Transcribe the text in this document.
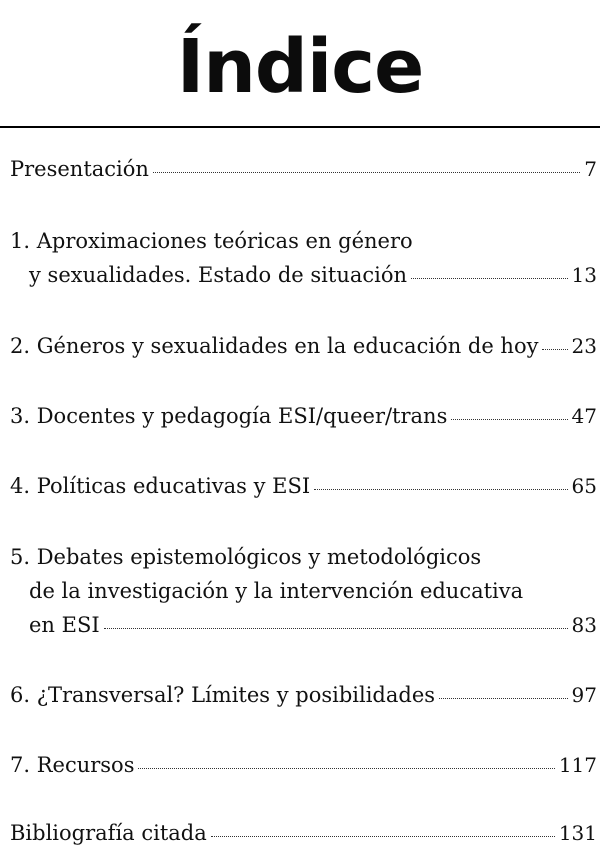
Índice
Presentación	7
1. Aproximaciones teóricas en género
y sexualidades. Estado de situación	13
2. Géneros y sexualidades en la educación de hoy 23
3. Docentes y pedagogía ESI/queer/trans	47
4. Políticas educativas y ESI	65
5. Debates epistemológicos y metodológicos
de la investigación y la intervención educativa
en ESI	83
6. ¿Transversal? Límites y posibilidades	97
7. Recursos	117
Bibliografía citada	131
